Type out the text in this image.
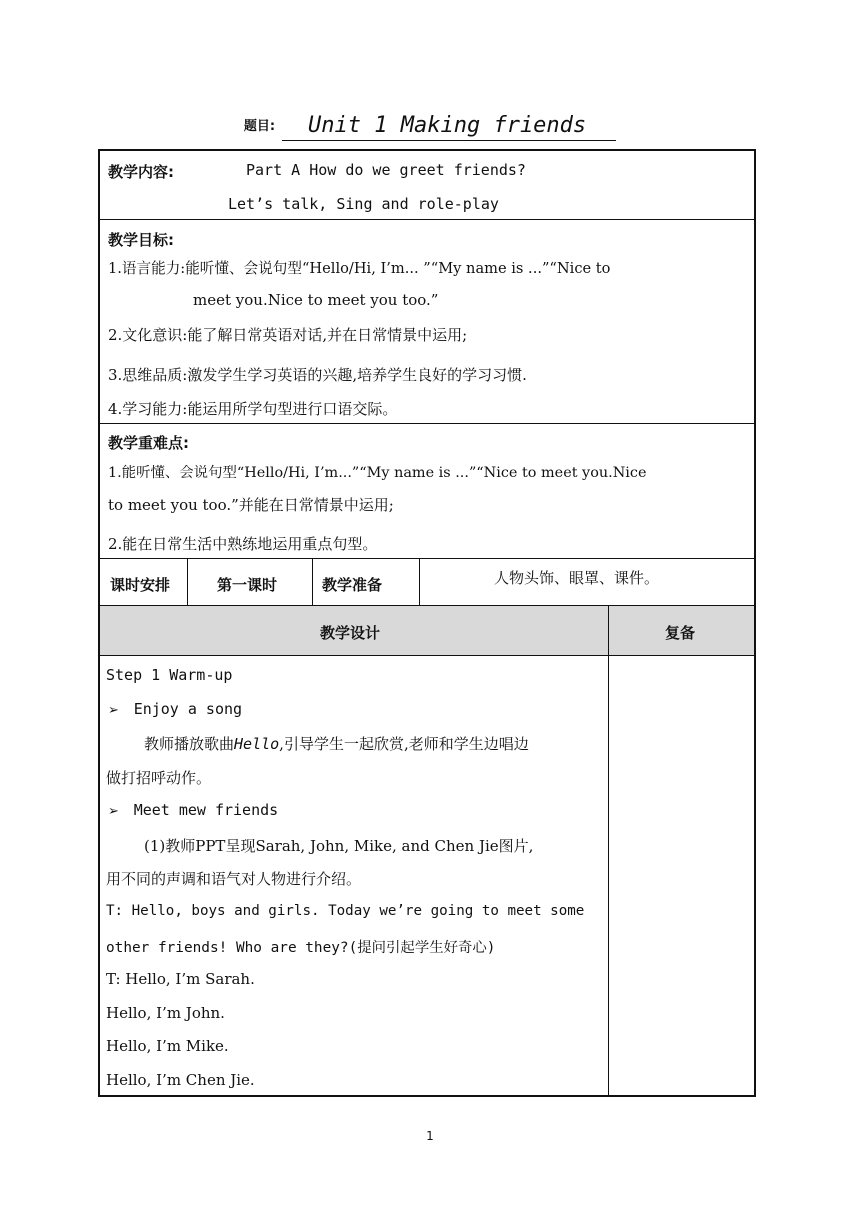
题目: Unit 1 Making friends
教学内容:	Part A How do we greet friends?
Let’s talk, Sing and role-play
教学目标:
1.语言能力:能听懂、会说句型“Hello/Hi, I’m... ”“My name is ...”“Nice to
meet you.Nice to meet you too.”
2.文化意识:能了解日常英语对话,并在日常情景中运用;
3.思维品质:激发学生学习英语的兴趣,培养学生良好的学习习惯.
4.学习能力:能运用所学句型进行口语交际。
教学重难点:
1.能听懂、会说句型“Hello/Hi, I’m...”“My name is ...”“Nice to meet you.Nice
to meet you too.”并能在日常情景中运用;
2.能在日常生活中熟练地运用重点句型。
课时安排	第一课时	教学准备	人物头饰、眼罩、课件。
教学设计	复备
Step 1 Warm-up
➢ Enjoy a song
教师播放歌曲Hello,引导学生一起欣赏,老师和学生边唱边
做打招呼动作。
➢ Meet mew friends
(1)教师PPT呈现Sarah, John, Mike, and Chen Jie图片,
用不同的声调和语气对人物进行介绍。
T: Hello, boys and girls. Today we’re going to meet some
other friends! Who are they?(提问引起学生好奇心)
T: Hello, I’m Sarah.
Hello, I’m John.
Hello, I’m Mike.
Hello, I’m Chen Jie.
1
